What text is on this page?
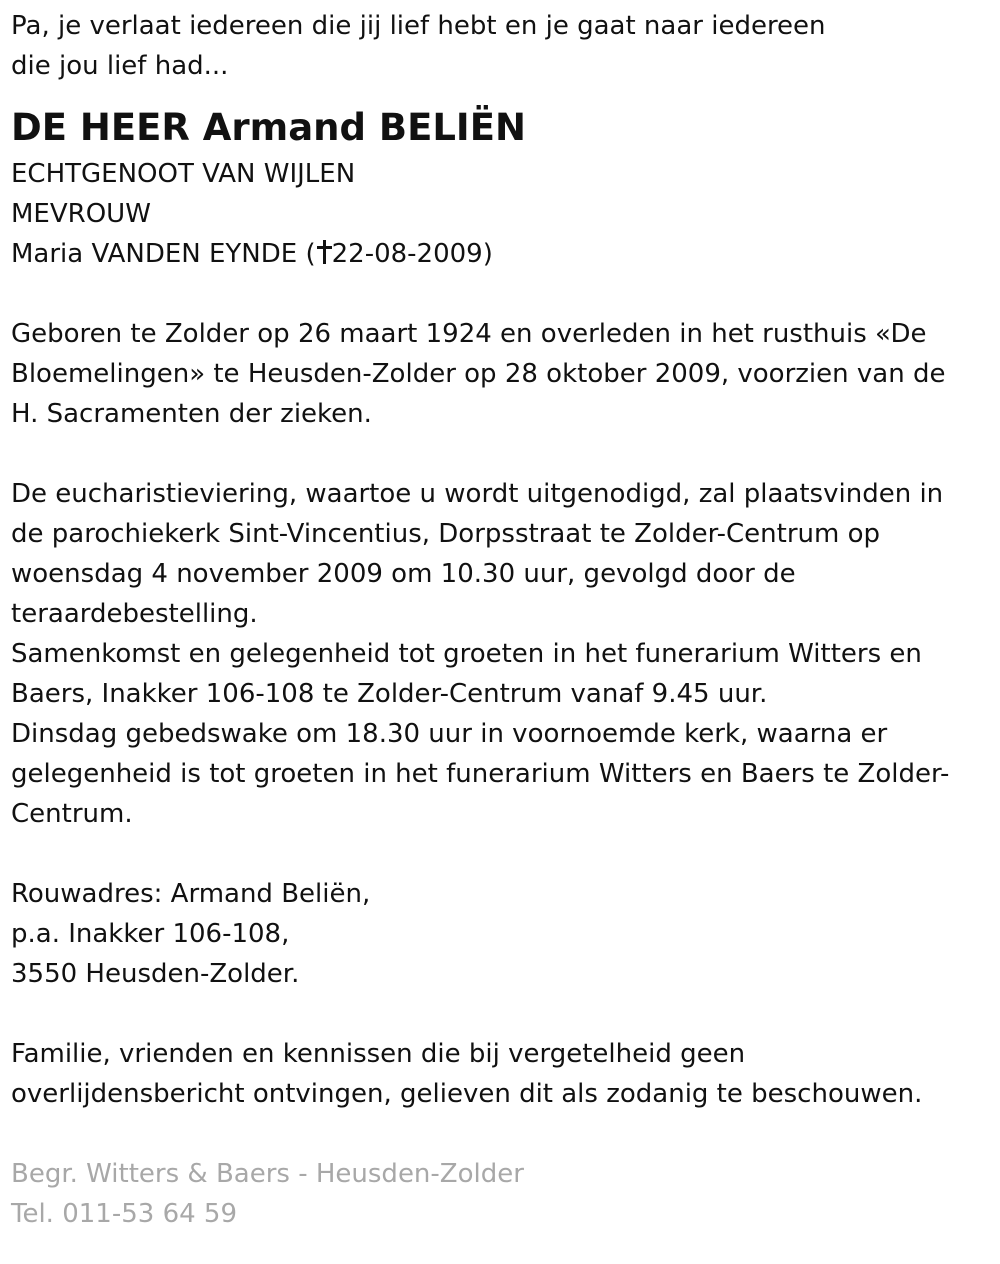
Pa, je verlaat iedereen die jij lief hebt en je gaat naar iedereen
die jou lief had...
DE HEER Armand BELIËN
ECHTGENOOT VAN WIJLEN
MEVROUW
Maria VANDEN EYNDE ( 22-08-2009)
Geboren te Zolder op 26 maart 1924 en overleden in het rusthuis «De
Bloemelingen» te Heusden-Zolder op 28 oktober 2009, voorzien van de
H. Sacramenten der zieken.
De eucharistieviering, waartoe u wordt uitgenodigd, zal plaatsvinden in
de parochiekerk Sint-Vincentius, Dorpsstraat te Zolder-Centrum op
woensdag 4 november 2009 om 10.30 uur, gevolgd door de
teraardebestelling.
Samenkomst en gelegenheid tot groeten in het funerarium Witters en
Baers, Inakker 106-108 te Zolder-Centrum vanaf 9.45 uur.
Dinsdag gebedswake om 18.30 uur in voornoemde kerk, waarna er
gelegenheid is tot groeten in het funerarium Witters en Baers te Zolder-
Centrum.
Rouwadres: Armand Beliën,
p.a. Inakker 106-108,
3550 Heusden-Zolder.
Familie, vrienden en kennissen die bij vergetelheid geen
overlijdensbericht ontvingen, gelieven dit als zodanig te beschouwen.
Begr. Witters & Baers - Heusden-Zolder
Tel. 011-53 64 59
